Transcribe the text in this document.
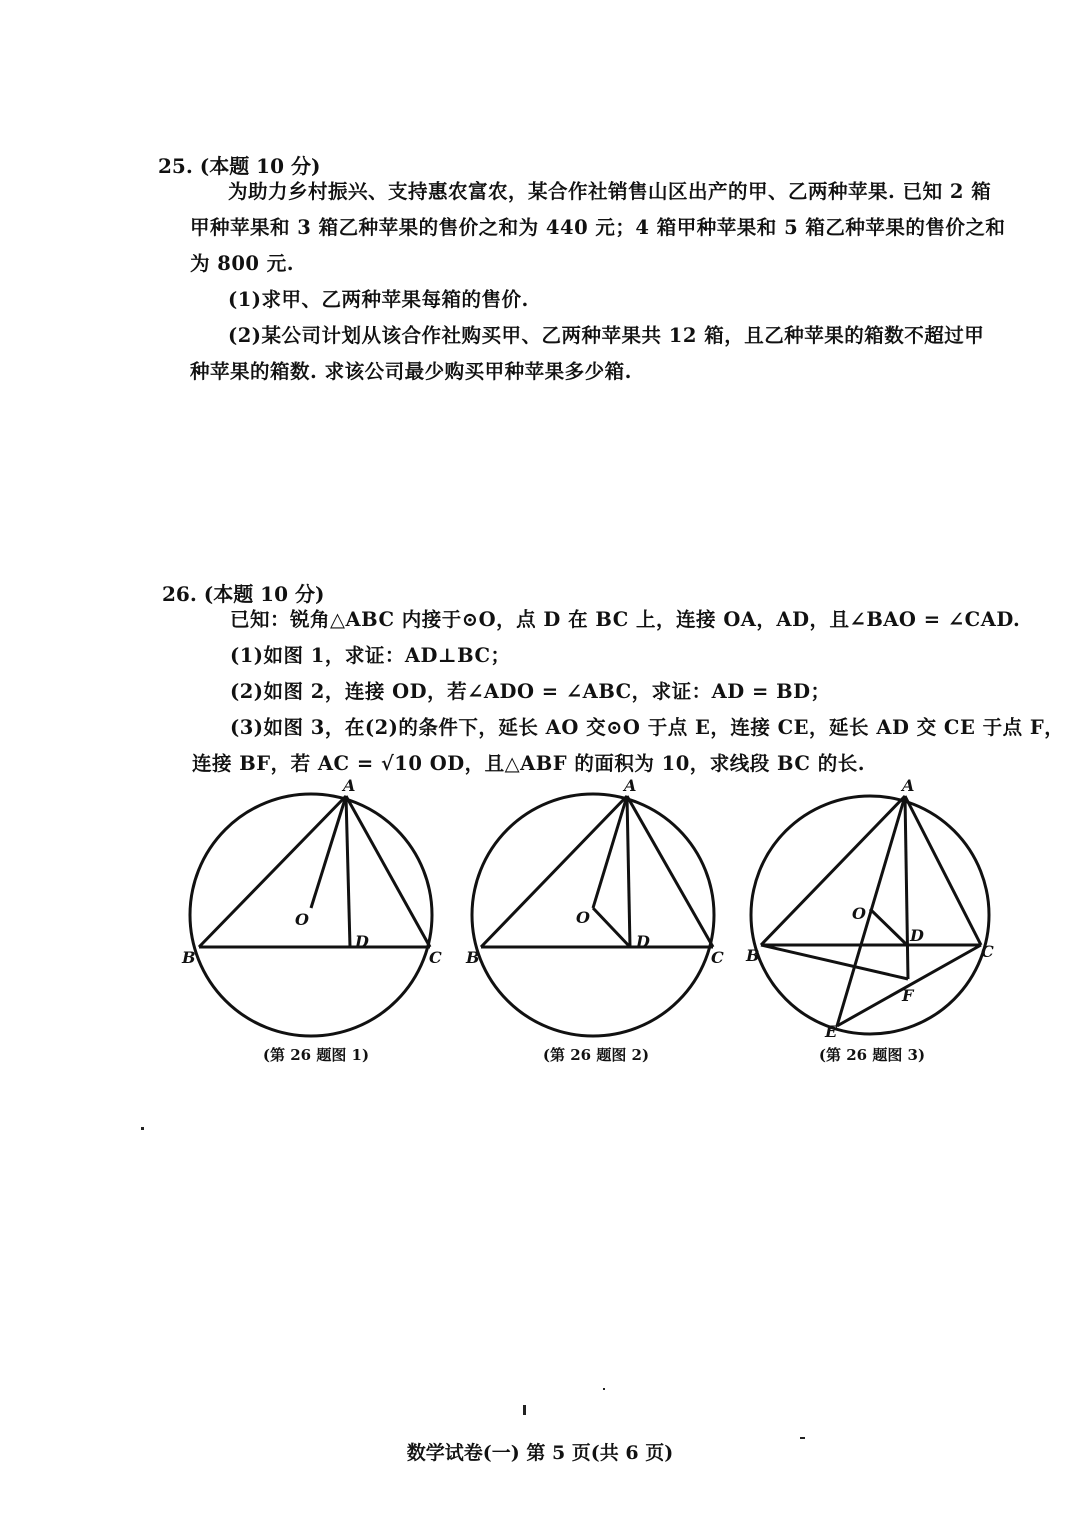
25. (本题 10 分)
为助力乡村振兴、支持惠农富农，某合作社销售山区出产的甲、乙两种苹果. 已知 2 箱
甲种苹果和 3 箱乙种苹果的售价之和为 440 元；4 箱甲种苹果和 5 箱乙种苹果的售价之和
为 800 元.
(1)求甲、乙两种苹果每箱的售价.
(2)某公司计划从该合作社购买甲、乙两种苹果共 12 箱，且乙种苹果的箱数不超过甲
种苹果的箱数. 求该公司最少购买甲种苹果多少箱.
26. (本题 10 分)
已知：锐角△ABC 内接于⊙O，点 D 在 BC 上，连接 OA，AD，且∠BAO = ∠CAD.
(1)如图 1，求证：AD⊥BC；
(2)如图 2，连接 OD，若∠ADO = ∠ABC，求证：AD = BD；
(3)如图 3，在(2)的条件下，延长 AO 交⊙O 于点 E，连接 CE，延长 AD 交 CE 于点 F，
连接 BF，若 AC = √10 OD，且△ABF 的面积为 10，求线段 BC 的长.
A
B	C
D
O
(第 26 题图 1)
A
B	C
D
O
(第 26 题图 2)
A
B	C
D
O
E
F
(第 26 题图 3)
数学试卷(一) 第 5 页(共 6 页)
